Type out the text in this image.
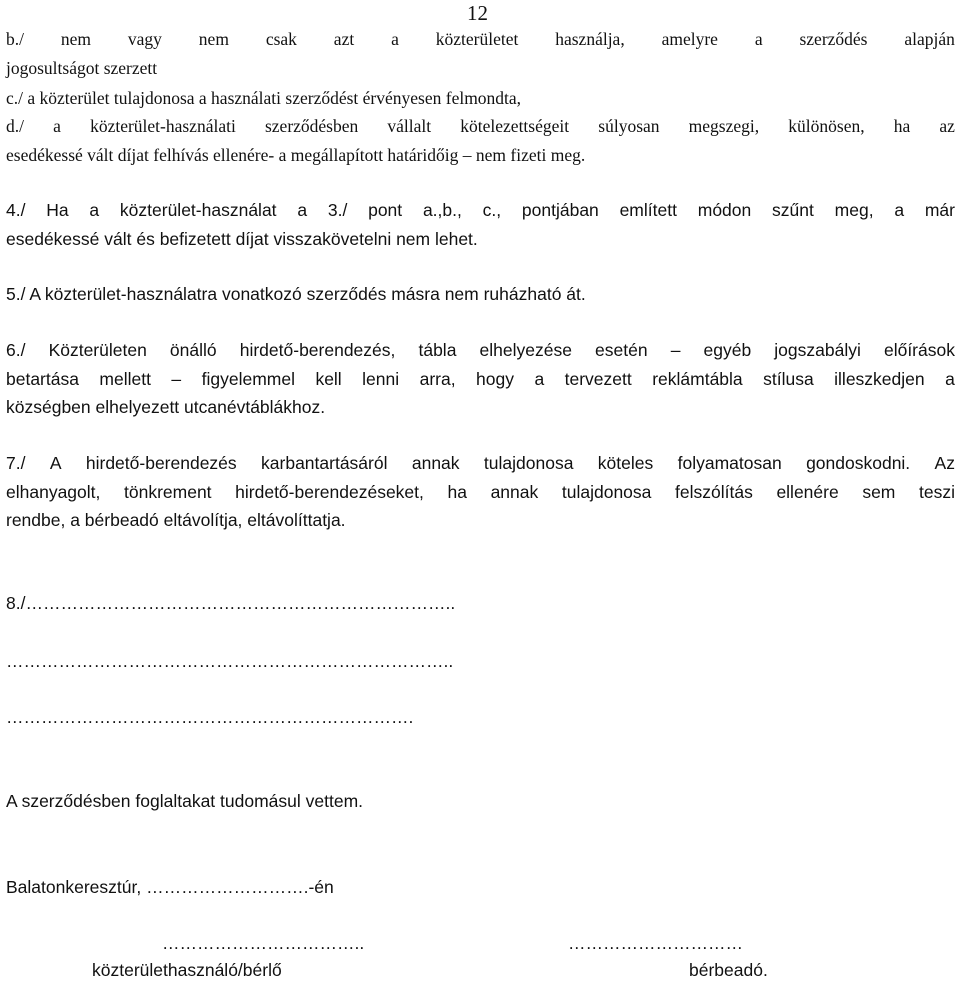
12
b./ nem vagy nem csak azt a közterületet használja, amelyre a szerződés alapján
jogosultságot szerzett
c./ a közterület tulajdonosa a használati szerződést érvényesen felmondta,
d./ a közterület-használati szerződésben vállalt kötelezettségeit súlyosan megszegi, különösen, ha az
esedékessé vált díjat felhívás ellenére- a megállapított határidőig – nem fizeti meg.
4./ Ha a közterület-használat a 3./ pont a.,b., c., pontjában említett módon szűnt meg, a már
esedékessé vált és befizetett díjat visszakövetelni nem lehet.
5./ A közterület-használatra vonatkozó szerződés másra nem ruházható át.
6./ Közterületen önálló hirdető-berendezés, tábla elhelyezése esetén – egyéb jogszabályi előírások
betartása mellett – figyelemmel kell lenni arra, hogy a tervezett reklámtábla stílusa illeszkedjen a
községben elhelyezett utcanévtáblákhoz.
7./ A hirdető-berendezés karbantartásáról annak tulajdonosa köteles folyamatosan gondoskodni. Az
elhanyagolt, tönkrement hirdető-berendezéseket, ha annak tulajdonosa felszólítás ellenére sem teszi
rendbe, a bérbeadó eltávolítja, eltávolíttatja.
8./………………………………………………………………..
…………………………………………………………………..
…………………………………………………………….
A szerződésben foglaltakat tudomásul vettem.
Balatonkeresztúr, ……………………….-én
……………………………..	…………………………
közterülethasználó/bérlő	bérbeadó.
